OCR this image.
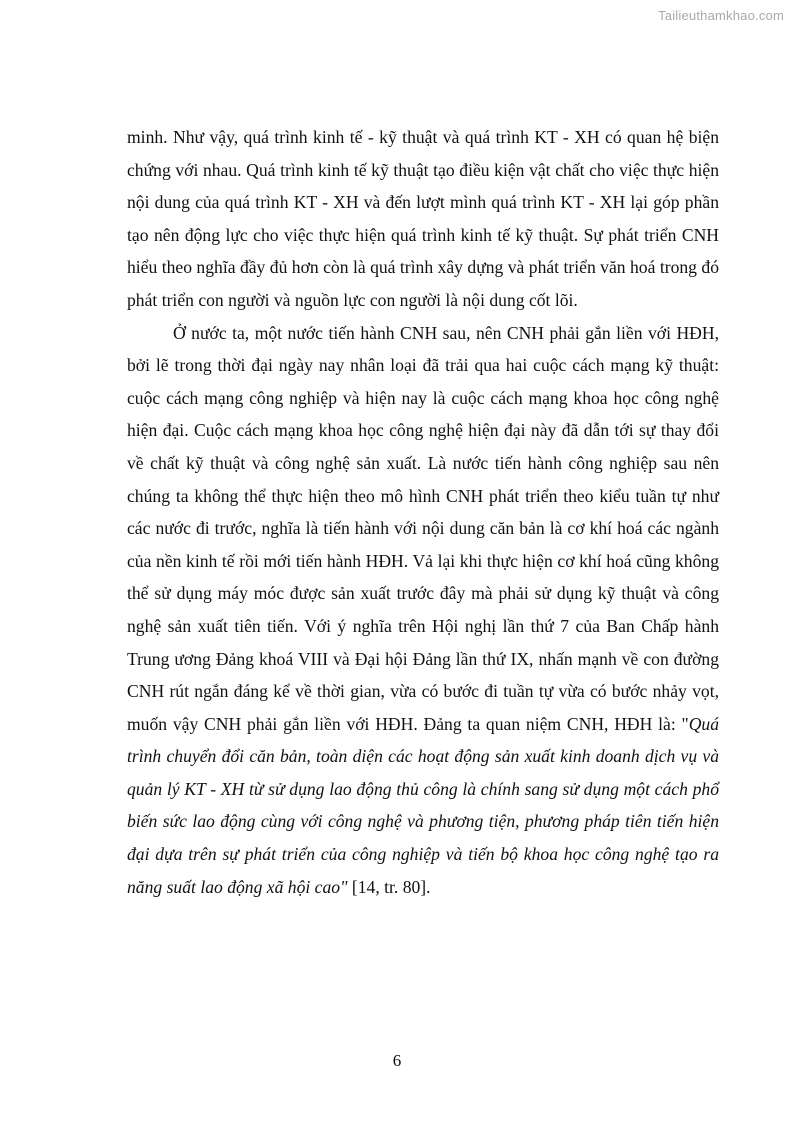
Tailieuthamkhao.com

minh. Như vậy, quá trình kinh tế - kỹ thuật và quá trình KT - XH có quan hệ biện chứng với nhau. Quá trình kinh tế kỹ thuật tạo điều kiện vật chất cho việc thực hiện nội dung của quá trình KT - XH và đến lượt mình quá trình KT - XH lại góp phần tạo nên động lực cho việc thực hiện quá trình kinh tế kỹ thuật. Sự phát triển CNH hiểu theo nghĩa đầy đủ hơn còn là quá trình xây dựng và phát triển văn hoá trong đó phát triển con người và nguồn lực con người là nội dung cốt lõi.

Ở nước ta, một nước tiến hành CNH sau, nên CNH phải gắn liền với HĐH, bởi lẽ trong thời đại ngày nay nhân loại đã trải qua hai cuộc cách mạng kỹ thuật: cuộc cách mạng công nghiệp và hiện nay là cuộc cách mạng khoa học công nghệ hiện đại. Cuộc cách mạng khoa học công nghệ hiện đại này đã dẫn tới sự thay đổi về chất kỹ thuật và công nghệ sản xuất. Là nước tiến hành công nghiệp sau nên chúng ta không thể thực hiện theo mô hình CNH phát triển theo kiểu tuần tự như các nước đi trước, nghĩa là tiến hành với nội dung căn bản là cơ khí hoá các ngành của nền kinh tế rồi mới tiến hành HĐH. Vả lại khi thực hiện cơ khí hoá cũng không thể sử dụng máy móc được sản xuất trước đây mà phải sử dụng kỹ thuật và công nghệ sản xuất tiên tiến. Với ý nghĩa trên Hội nghị lần thứ 7 của Ban Chấp hành Trung ương Đảng khoá VIII và Đại hội Đảng lần thứ IX, nhấn mạnh về con đường CNH rút ngắn đáng kể về thời gian, vừa có bước đi tuần tự vừa có bước nhảy vọt, muốn vậy CNH phải gắn liền với HĐH. Đảng ta quan niệm CNH, HĐH là: "Quá trình chuyển đổi căn bản, toàn diện các hoạt động sản xuất kinh doanh dịch vụ và quản lý KT - XH từ sử dụng lao động thủ công là chính sang sử dụng một cách phổ biến sức lao động cùng với công nghệ và phương tiện, phương pháp tiên tiến hiện đại dựa trên sự phát triển của công nghiệp và tiến bộ khoa học công nghệ tạo ra năng suất lao động xã hội cao" [14, tr. 80].

6
